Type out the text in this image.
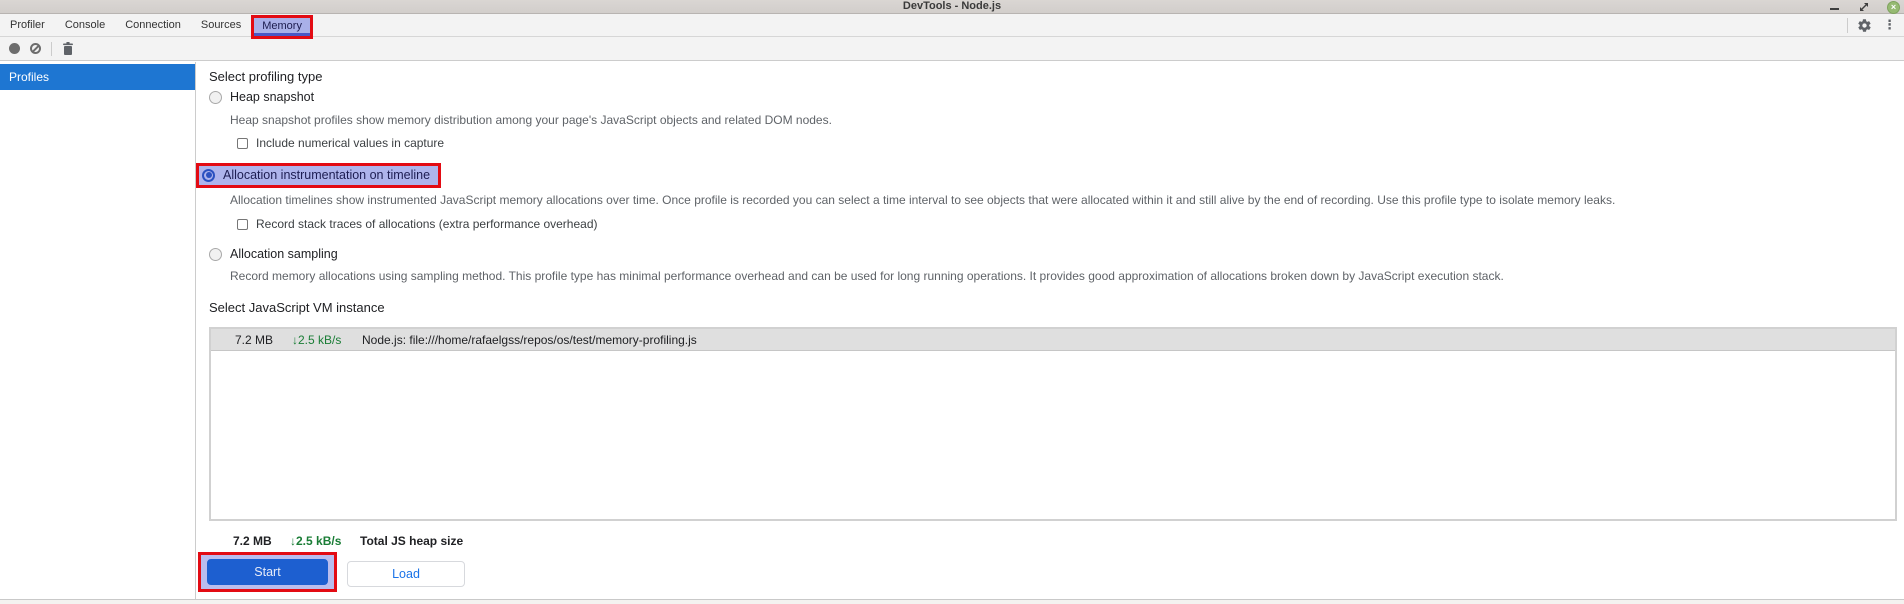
DevTools - Node.js	×
Profiler Console Connection Sources Memory	⋮
Profiles	Select profiling type
Heap snapshot
Heap snapshot profiles show memory distribution among your page's JavaScript objects and related DOM nodes.
Include numerical values in capture
Allocation instrumentation on timeline
Allocation timelines show instrumented JavaScript memory allocations over time. Once profile is recorded you can select a time interval to see objects that were allocated within it and still alive by the end of recording. Use this profile type to isolate memory leaks.
Record stack traces of allocations (extra performance overhead)
Allocation sampling
Record memory allocations using sampling method. This profile type has minimal performance overhead and can be used for long running operations. It provides good approximation of allocations broken down by JavaScript execution stack.
Select JavaScript VM instance
7.2 MB	↓2.5 kB/s	Node.js: file:///home/rafaelgss/repos/os/test/memory-profiling.js
7.2 MB	↓2.5 kB/s	Total JS heap size
Start	Load
